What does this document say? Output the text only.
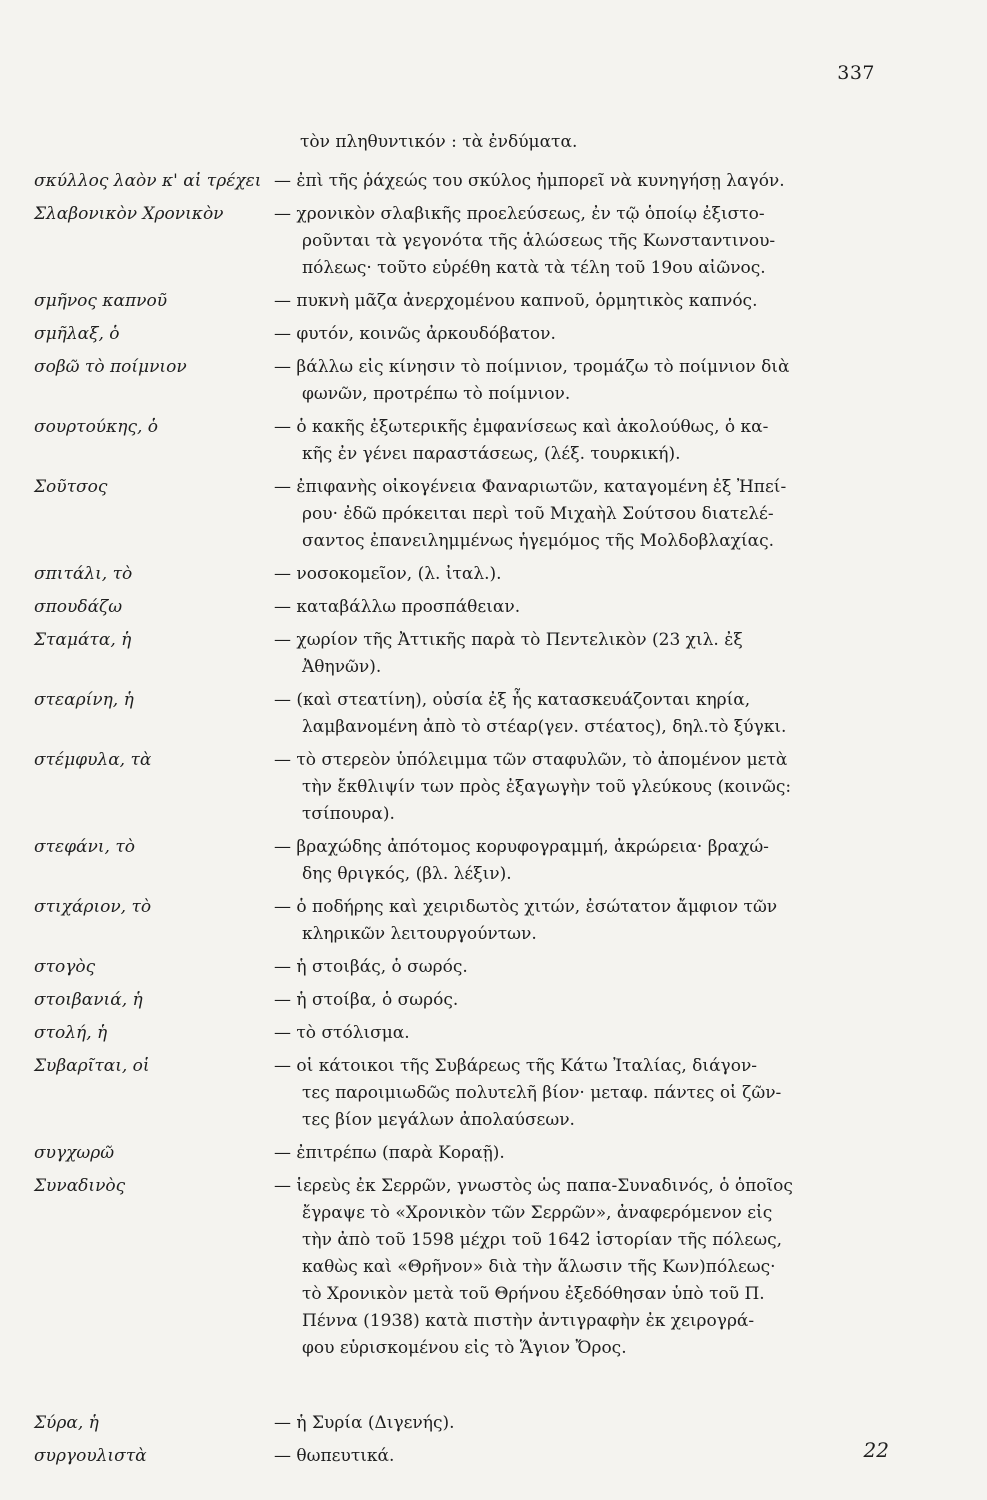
337
τὸν πληθυντικόν : τὰ ἐνδύματα.
σκύλλος λαὸν κ' αἱ τρέχει — ἐπὶ τῆς ῥάχεώς του σκύλος ἠμπορεῖ νὰ κυνηγήσῃ λαγόν.
Σλαβονικὸν Χρονικὸν	— χρονικὸν σλαβικῆς προελεύσεως, ἐν τῷ ὁποίῳ ἐξιστο-
ροῦνται τὰ γεγονότα τῆς ἁλώσεως τῆς Κωνσταντινου-
πόλεως· τοῦτο εὑρέθη κατὰ τὰ τέλη τοῦ 19ου αἰῶνος.
σμῆνος καπνοῦ	— πυκνὴ μᾶζα ἀνερχομένου καπνοῦ, ὁρμητικὸς καπνός.
σμῆλαξ, ὁ	— φυτόν, κοινῶς ἀρκουδόβατον.
σοβῶ τὸ ποίμνιον	— βάλλω εἰς κίνησιν τὸ ποίμνιον, τρομάζω τὸ ποίμνιον διὰ
φωνῶν, προτρέπω τὸ ποίμνιον.
σουρτούκης, ὁ	— ὁ κακῆς ἐξωτερικῆς ἐμφανίσεως καὶ ἀκολούθως, ὁ κα-
κῆς ἐν γένει παραστάσεως, (λέξ. τουρκική).
Σοῦτσος	— ἐπιφανὴς οἰκογένεια Φαναριωτῶν, καταγομένη ἐξ Ἠπεί-
ρου· ἐδῶ πρόκειται περὶ τοῦ Μιχαὴλ Σούτσου διατελέ-
σαντος ἐπανειλημμένως ἡγεμόμος τῆς Μολδοβλαχίας.
σπιτάλι, τὸ	— νοσοκομεῖον, (λ. ἰταλ.).
σπουδάζω	— καταβάλλω προσπάθειαν.
Σταμάτα, ἡ	— χωρίον τῆς Ἀττικῆς παρὰ τὸ Πεντελικὸν (23 χιλ. ἐξ
Ἀθηνῶν).
στεαρίνη, ἡ	— (καὶ στεατίνη), οὐσία ἐξ ἧς κατασκευάζονται κηρία,
λαμβανομένη ἀπὸ τὸ στέαρ(γεν. στέατος), δηλ.τὸ ξύγκι.
στέμφυλα, τὰ	— τὸ στερεὸν ὑπόλειμμα τῶν σταφυλῶν, τὸ ἀπομένον μετὰ
τὴν ἔκθλιψίν των πρὸς ἐξαγωγὴν τοῦ γλεύκους (κοινῶς:
τσίπουρα).
στεφάνι, τὸ	— βραχώδης ἀπότομος κορυφογραμμή, ἀκρώρεια· βραχώ-
δης θριγκός, (βλ. λέξιν).
στιχάριον, τὸ	— ὁ ποδήρης καὶ χειριδωτὸς χιτών, ἐσώτατον ἄμφιον τῶν
κληρικῶν λειτουργούντων.
στογὸς	— ἡ στοιβάς, ὁ σωρός.
στοιβανιά, ἡ	— ἡ στοίβα, ὁ σωρός.
στολή, ἡ	— τὸ στόλισμα.
Συβαρῖται, οἱ	— οἱ κάτοικοι τῆς Συβάρεως τῆς Κάτω Ἰταλίας, διάγον-
τες παροιμιωδῶς πολυτελῆ βίον· μεταφ. πάντες οἱ ζῶν-
τες βίον μεγάλων ἀπολαύσεων.
συγχωρῶ	— ἐπιτρέπω (παρὰ Κοραῇ).
Συναδινὸς	— ἱερεὺς ἐκ Σερρῶν, γνωστὸς ὡς παπα-Συναδινός, ὁ ὁποῖος
ἔγραψε τὸ «Χρονικὸν τῶν Σερρῶν», ἀναφερόμενον εἰς
τὴν ἀπὸ τοῦ 1598 μέχρι τοῦ 1642 ἱστορίαν τῆς πόλεως,
καθὼς καὶ «Θρῆνον» διὰ τὴν ἅλωσιν τῆς Κων)πόλεως·
τὸ Χρονικὸν μετὰ τοῦ Θρήνου ἐξεδόθησαν ὑπὸ τοῦ Π.
Πέννα (1938) κατὰ πιστὴν ἀντιγραφὴν ἐκ χειρογρά-
φου εὑρισκομένου εἰς τὸ Ἅγιον Ὄρος.
Σύρα, ἡ	— ἡ Συρία (Διγενής).
συργουλιστὰ	— θωπευτικά.	22
